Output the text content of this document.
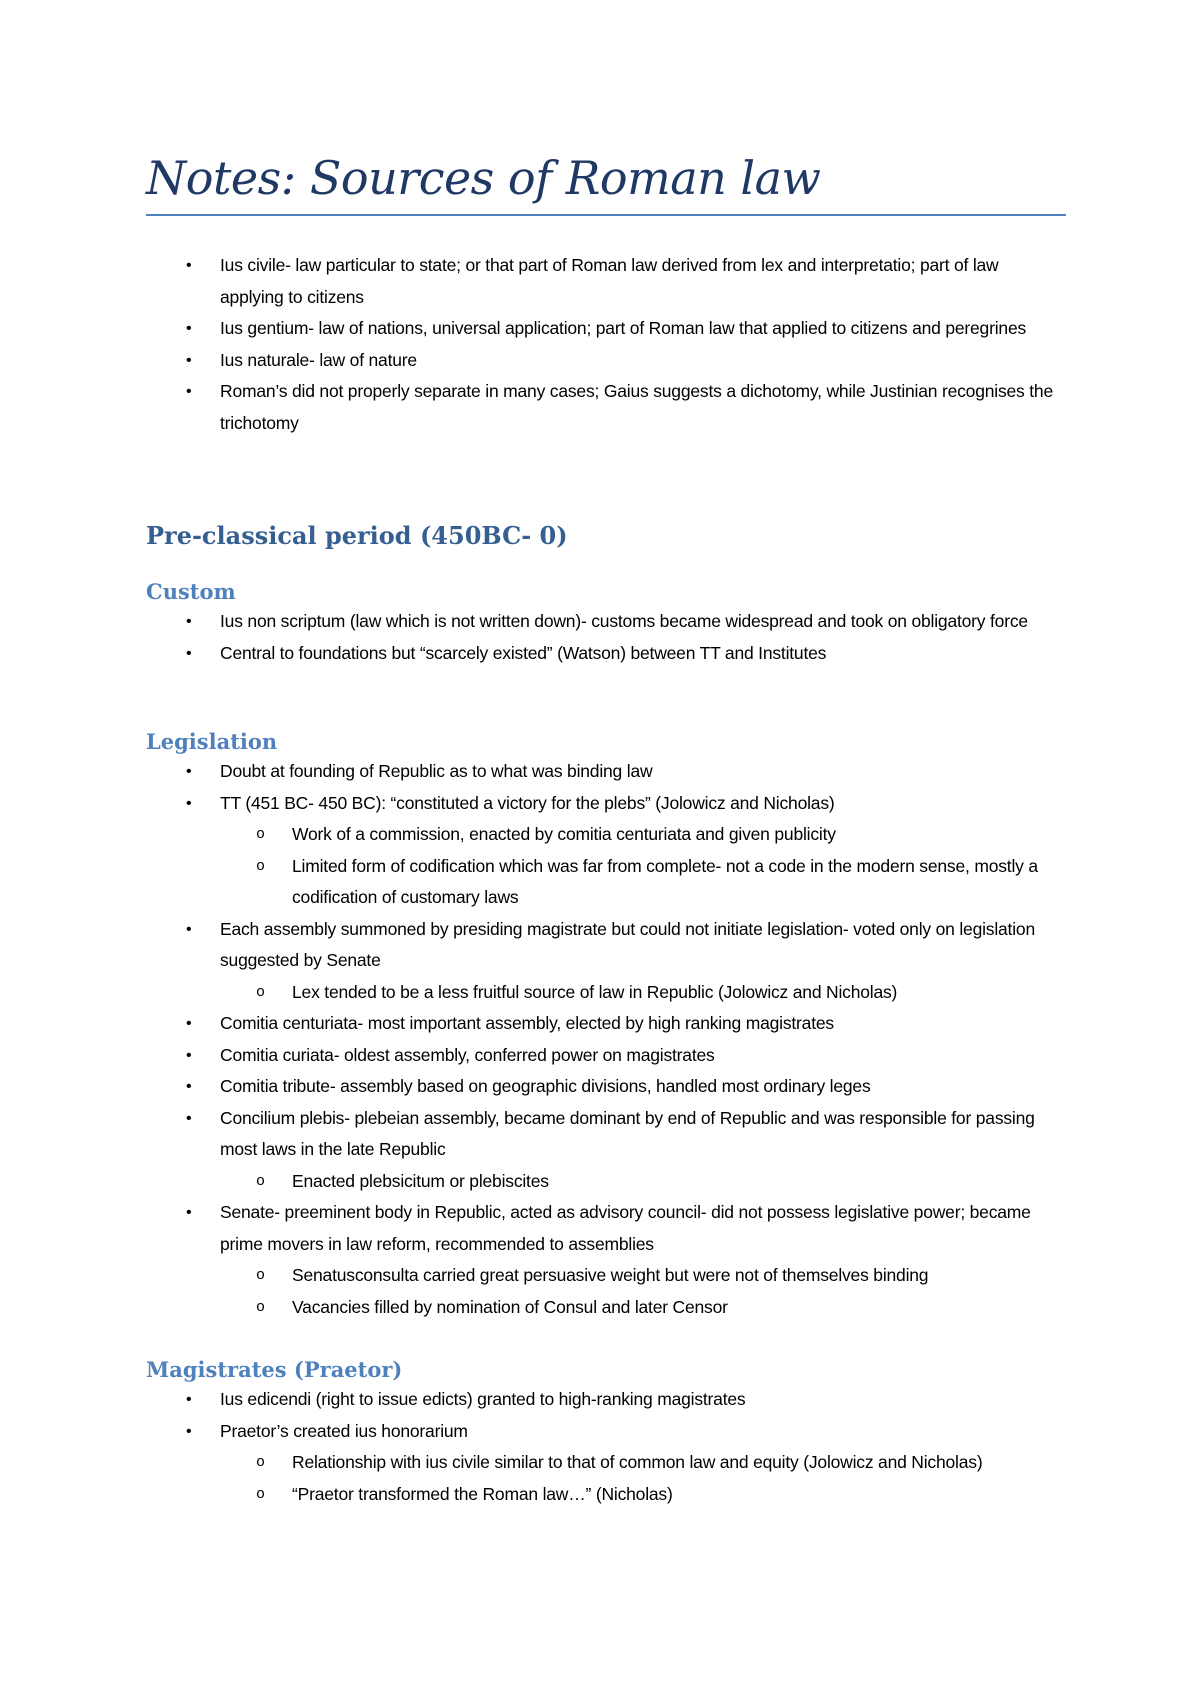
Notes: Sources of Roman law
•	Ius civile- law particular to state; or that part of Roman law derived from lex and interpretatio; part of law applying to citizens
•	Ius gentium- law of nations, universal application; part of Roman law that applied to citizens and peregrines
•	Ius naturale- law of nature
•	Roman’s did not properly separate in many cases; Gaius suggests a dichotomy, while Justinian recognises the trichotomy
Pre-classical period (450BC- 0)
Custom
•	Ius non scriptum (law which is not written down)- customs became widespread and took on obligatory force
•	Central to foundations but “scarcely existed” (Watson) between TT and Institutes
Legislation
•	Doubt at founding of Republic as to what was binding law
•	TT (451 BC- 450 BC): “constituted a victory for the plebs” (Jolowicz and Nicholas)
o Work of a commission, enacted by comitia centuriata and given publicity
o Limited form of codification which was far from complete- not a code in the modern sense, mostly a codification of customary laws
•	Each assembly summoned by presiding magistrate but could not initiate legislation- voted only on legislation suggested by Senate
o Lex tended to be a less fruitful source of law in Republic (Jolowicz and Nicholas)
•	Comitia centuriata- most important assembly, elected by high ranking magistrates
•	Comitia curiata- oldest assembly, conferred power on magistrates
•	Comitia tribute- assembly based on geographic divisions, handled most ordinary leges
•	Concilium plebis- plebeian assembly, became dominant by end of Republic and was responsible for passing most laws in the late Republic
o Enacted plebsicitum or plebiscites
•	Senate- preeminent body in Republic, acted as advisory council- did not possess legislative power; became prime movers in law reform, recommended to assemblies
o Senatusconsulta carried great persuasive weight but were not of themselves binding
o Vacancies filled by nomination of Consul and later Censor
Magistrates (Praetor)
•	Ius edicendi (right to issue edicts) granted to high-ranking magistrates
•	Praetor’s created ius honorarium
o Relationship with ius civile similar to that of common law and equity (Jolowicz and Nicholas)
o “Praetor transformed the Roman law…” (Nicholas)
